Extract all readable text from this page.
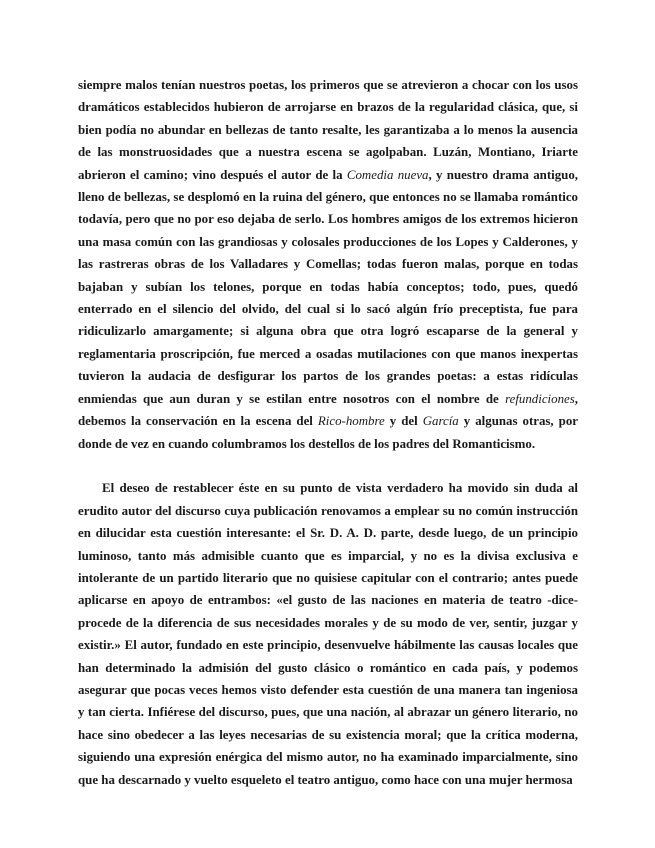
siempre malos tenían nuestros poetas, los primeros que se atrevieron a chocar con los usos dramáticos establecidos hubieron de arrojarse en brazos de la regularidad clásica, que, si bien podía no abundar en bellezas de tanto resalte, les garantizaba a lo menos la ausencia de las monstruosidades que a nuestra escena se agolpaban. Luzán, Montiano, Iriarte abrieron el camino; vino después el autor de la Comedia nueva, y nuestro drama antiguo, lleno de bellezas, se desplomó en la ruina del género, que entonces no se llamaba romántico todavía, pero que no por eso dejaba de serlo. Los hombres amigos de los extremos hicieron una masa común con las grandiosas y colosales producciones de los Lopes y Calderones, y las rastreras obras de los Valladares y Comellas; todas fueron malas, porque en todas bajaban y subían los telones, porque en todas había conceptos; todo, pues, quedó enterrado en el silencio del olvido, del cual si lo sacó algún frío preceptista, fue para ridiculizarlo amargamente; si alguna obra que otra logró escaparse de la general y reglamentaria proscripción, fue merced a osadas mutilaciones con que manos inexpertas tuvieron la audacia de desfigurar los partos de los grandes poetas: a estas ridículas enmiendas que aun duran y se estilan entre nosotros con el nombre de refundiciones, debemos la conservación en la escena del Rico-hombre y del García y algunas otras, por donde de vez en cuando columbramos los destellos de los padres del Romanticismo.

El deseo de restablecer éste en su punto de vista verdadero ha movido sin duda al erudito autor del discurso cuya publicación renovamos a emplear su no común instrucción en dilucidar esta cuestión interesante: el Sr. D. A. D. parte, desde luego, de un principio luminoso, tanto más admisible cuanto que es imparcial, y no es la divisa exclusiva e intolerante de un partido literario que no quisiese capitular con el contrario; antes puede aplicarse en apoyo de entrambos: «el gusto de las naciones en materia de teatro -dice- procede de la diferencia de sus necesidades morales y de su modo de ver, sentir, juzgar y existir.» El autor, fundado en este principio, desenvuelve hábilmente las causas locales que han determinado la admisión del gusto clásico o romántico en cada país, y podemos asegurar que pocas veces hemos visto defender esta cuestión de una manera tan ingeniosa y tan cierta. Infiérese del discurso, pues, que una nación, al abrazar un género literario, no hace sino obedecer a las leyes necesarias de su existencia moral; que la crítica moderna, siguiendo una expresión enérgica del mismo autor, no ha examinado imparcialmente, sino que ha descarnado y vuelto esqueleto el teatro antiguo, como hace con una mujer hermosa
